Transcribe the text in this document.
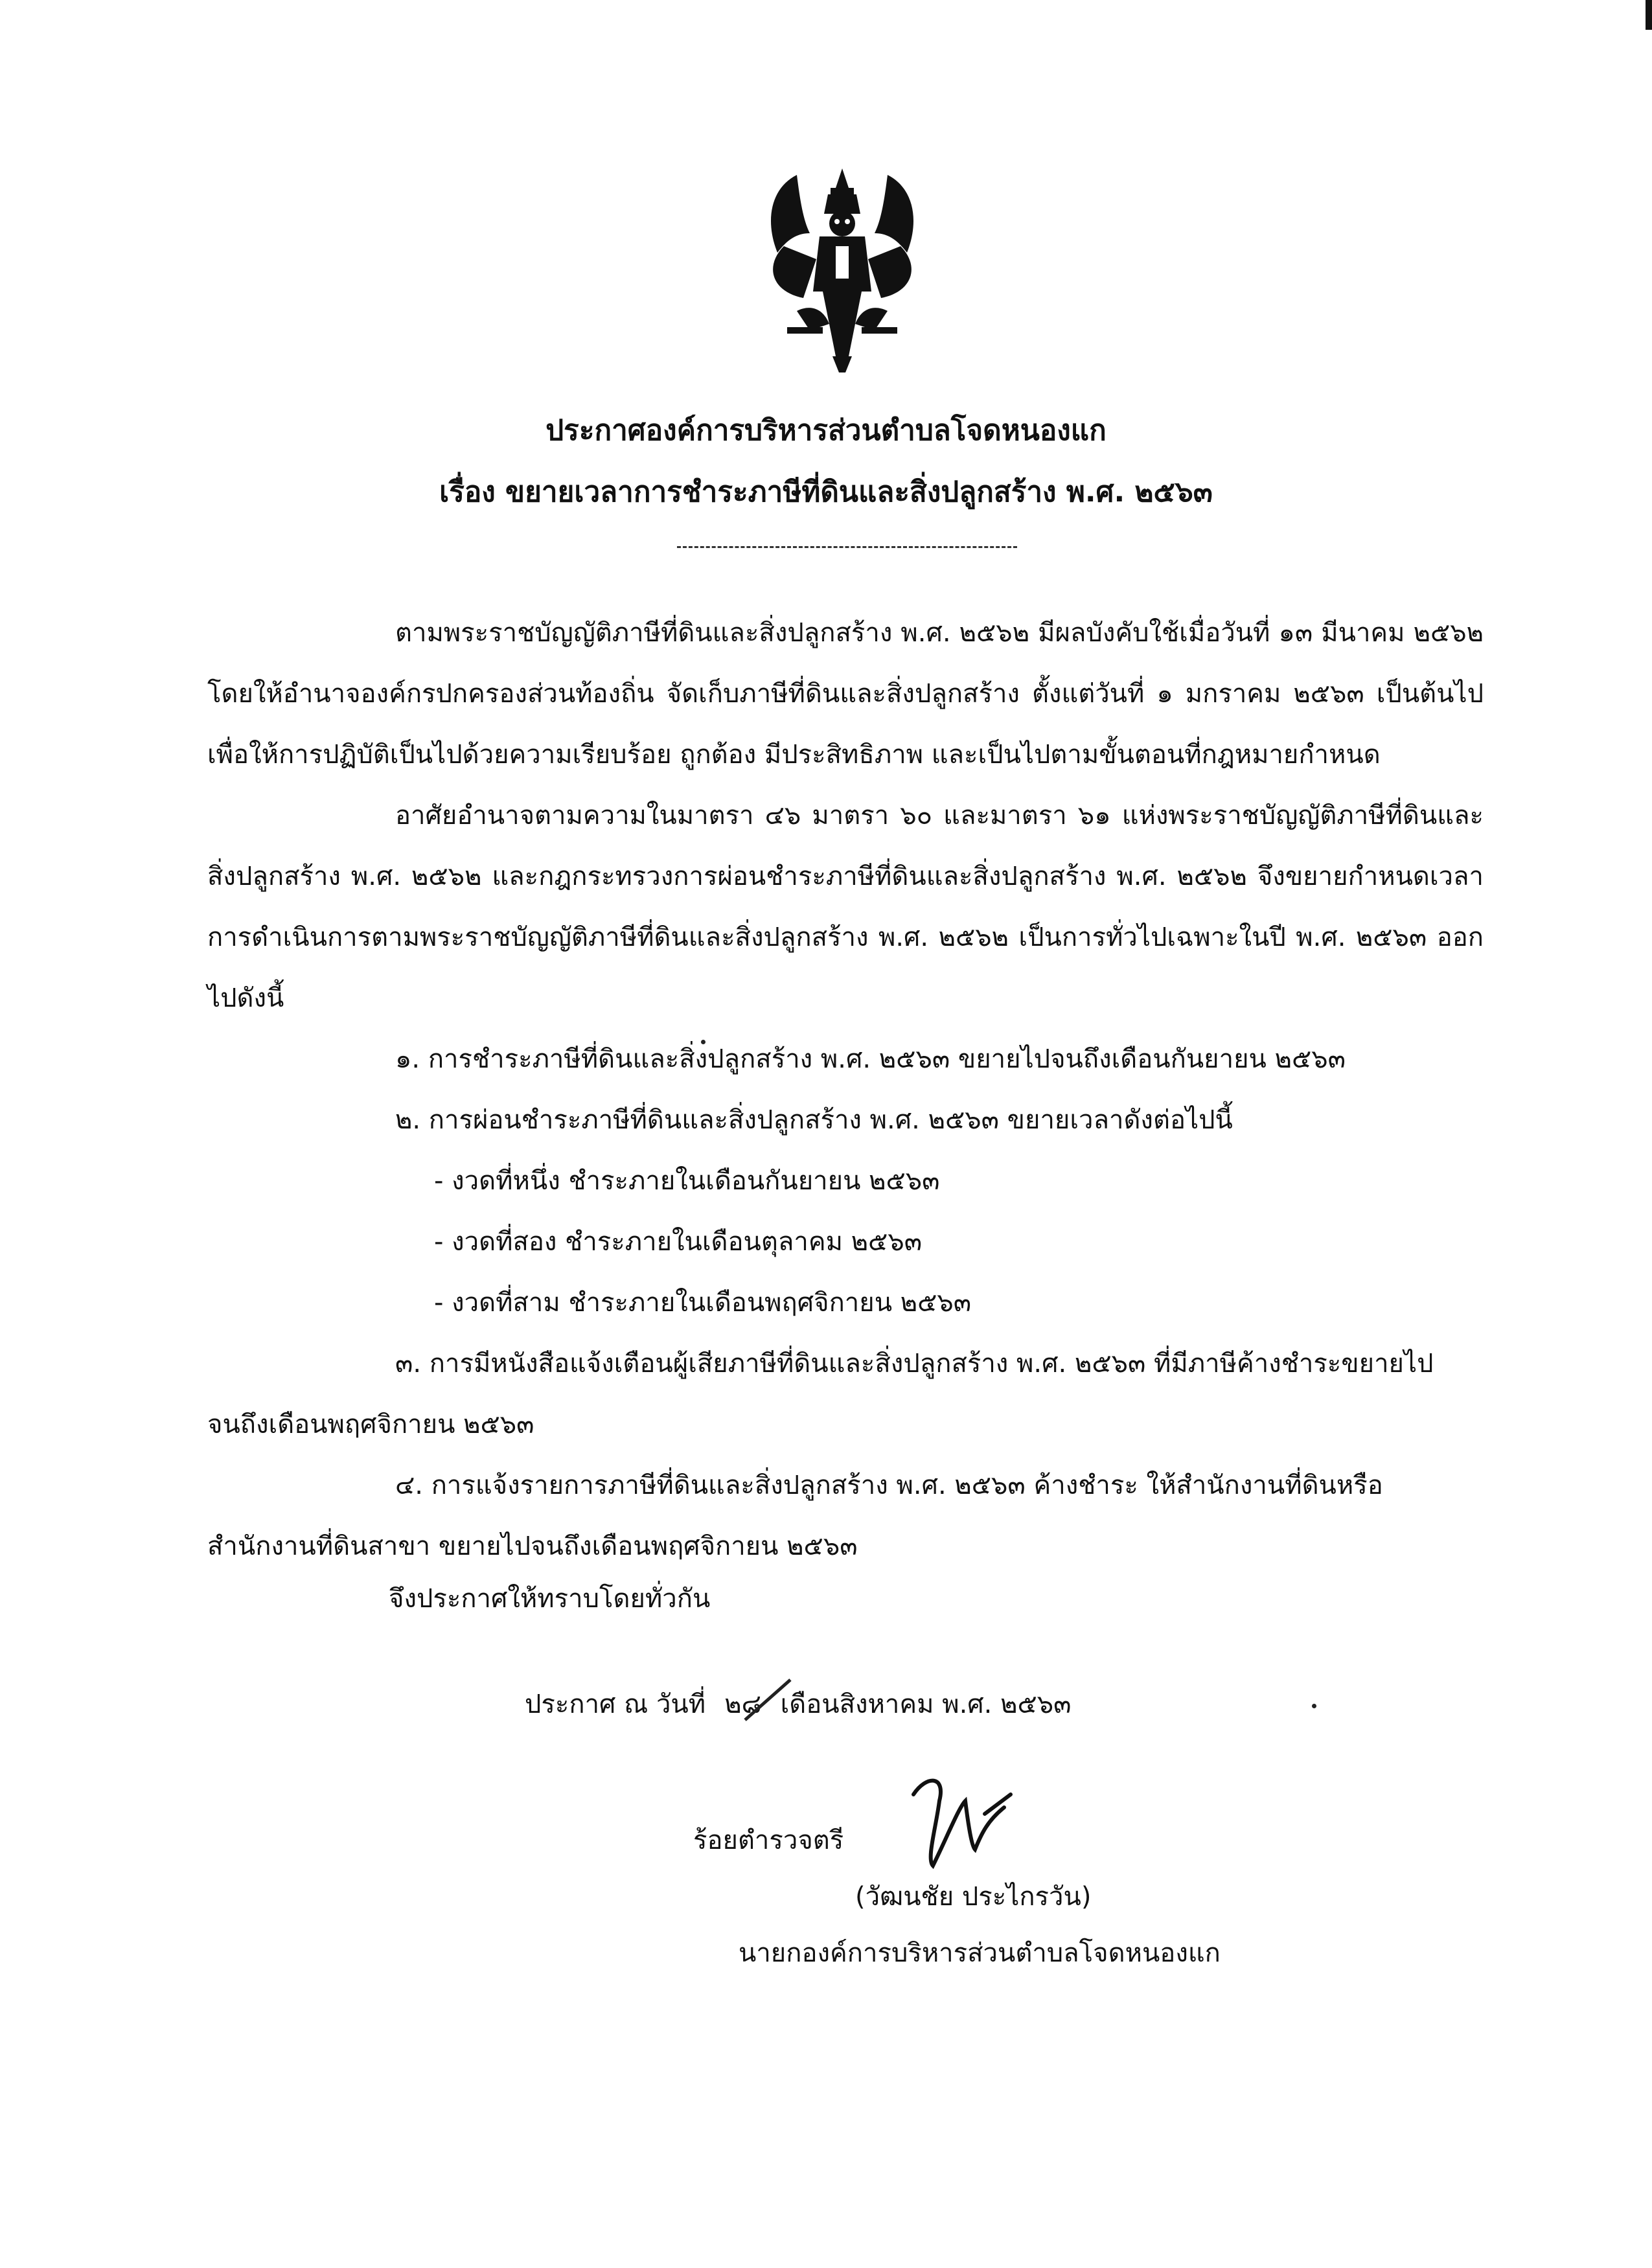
ประกาศองค์การบริหารส่วนตำบลโจดหนองแก
เรื่อง ขยายเวลาการชำระภาษีที่ดินและสิ่งปลูกสร้าง พ.ศ. ๒๕๖๓

ตามพระราชบัญญัติภาษีที่ดินและสิ่งปลูกสร้าง พ.ศ. ๒๕๖๒ มีผลบังคับใช้เมื่อวันที่ ๑๓ มีนาคม ๒๕๖๒ โดยให้อำนาจองค์กรปกครองส่วนท้องถิ่น จัดเก็บภาษีที่ดินและสิ่งปลูกสร้าง ตั้งแต่วันที่ ๑ มกราคม ๒๕๖๓ เป็นต้นไป เพื่อให้การปฏิบัติเป็นไปด้วยความเรียบร้อย ถูกต้อง มีประสิทธิภาพ และเป็นไปตามขั้นตอนที่กฎหมายกำหนด

อาศัยอำนาจตามความในมาตรา ๔๖ มาตรา ๖๐ และมาตรา ๖๑ แห่งพระราชบัญญัติภาษีที่ดินและสิ่งปลูกสร้าง พ.ศ. ๒๕๖๒ และกฎกระทรวงการผ่อนชำระภาษีที่ดินและสิ่งปลูกสร้าง พ.ศ. ๒๕๖๒ จึงขยายกำหนดเวลาการดำเนินการตามพระราชบัญญัติภาษีที่ดินและสิ่งปลูกสร้าง พ.ศ. ๒๕๖๒ เป็นการทั่วไปเฉพาะในปี พ.ศ. ๒๕๖๓ ออกไปดังนี้

๑. การชำระภาษีที่ดินและสิ่งปลูกสร้าง พ.ศ. ๒๕๖๓ ขยายไปจนถึงเดือนกันยายน ๒๕๖๓

๒. การผ่อนชำระภาษีที่ดินและสิ่งปลูกสร้าง พ.ศ. ๒๕๖๓ ขยายเวลาดังต่อไปนี้

- งวดที่หนึ่ง ชำระภายในเดือนกันยายน ๒๕๖๓

- งวดที่สอง ชำระภายในเดือนตุลาคม ๒๕๖๓

- งวดที่สาม ชำระภายในเดือนพฤศจิกายน ๒๕๖๓

๓. การมีหนังสือแจ้งเตือนผู้เสียภาษีที่ดินและสิ่งปลูกสร้าง พ.ศ. ๒๕๖๓ ที่มีภาษีค้างชำระขยายไปจนถึงเดือนพฤศจิกายน ๒๕๖๓

๔. การแจ้งรายการภาษีที่ดินและสิ่งปลูกสร้าง พ.ศ. ๒๕๖๓ ค้างชำระ ให้สำนักงานที่ดินหรือสำนักงานที่ดินสาขา ขยายไปจนถึงเดือนพฤศจิกายน ๒๕๖๓

จึงประกาศให้ทราบโดยทั่วกัน
ประกาศ ณ วันที่ ๒๘ เดือนสิงหาคม พ.ศ. ๒๕๖๓
ร้อยตำรวจตรี
(วัฒนชัย ประไกรวัน)
นายกองค์การบริหารส่วนตำบลโจดหนองแก
